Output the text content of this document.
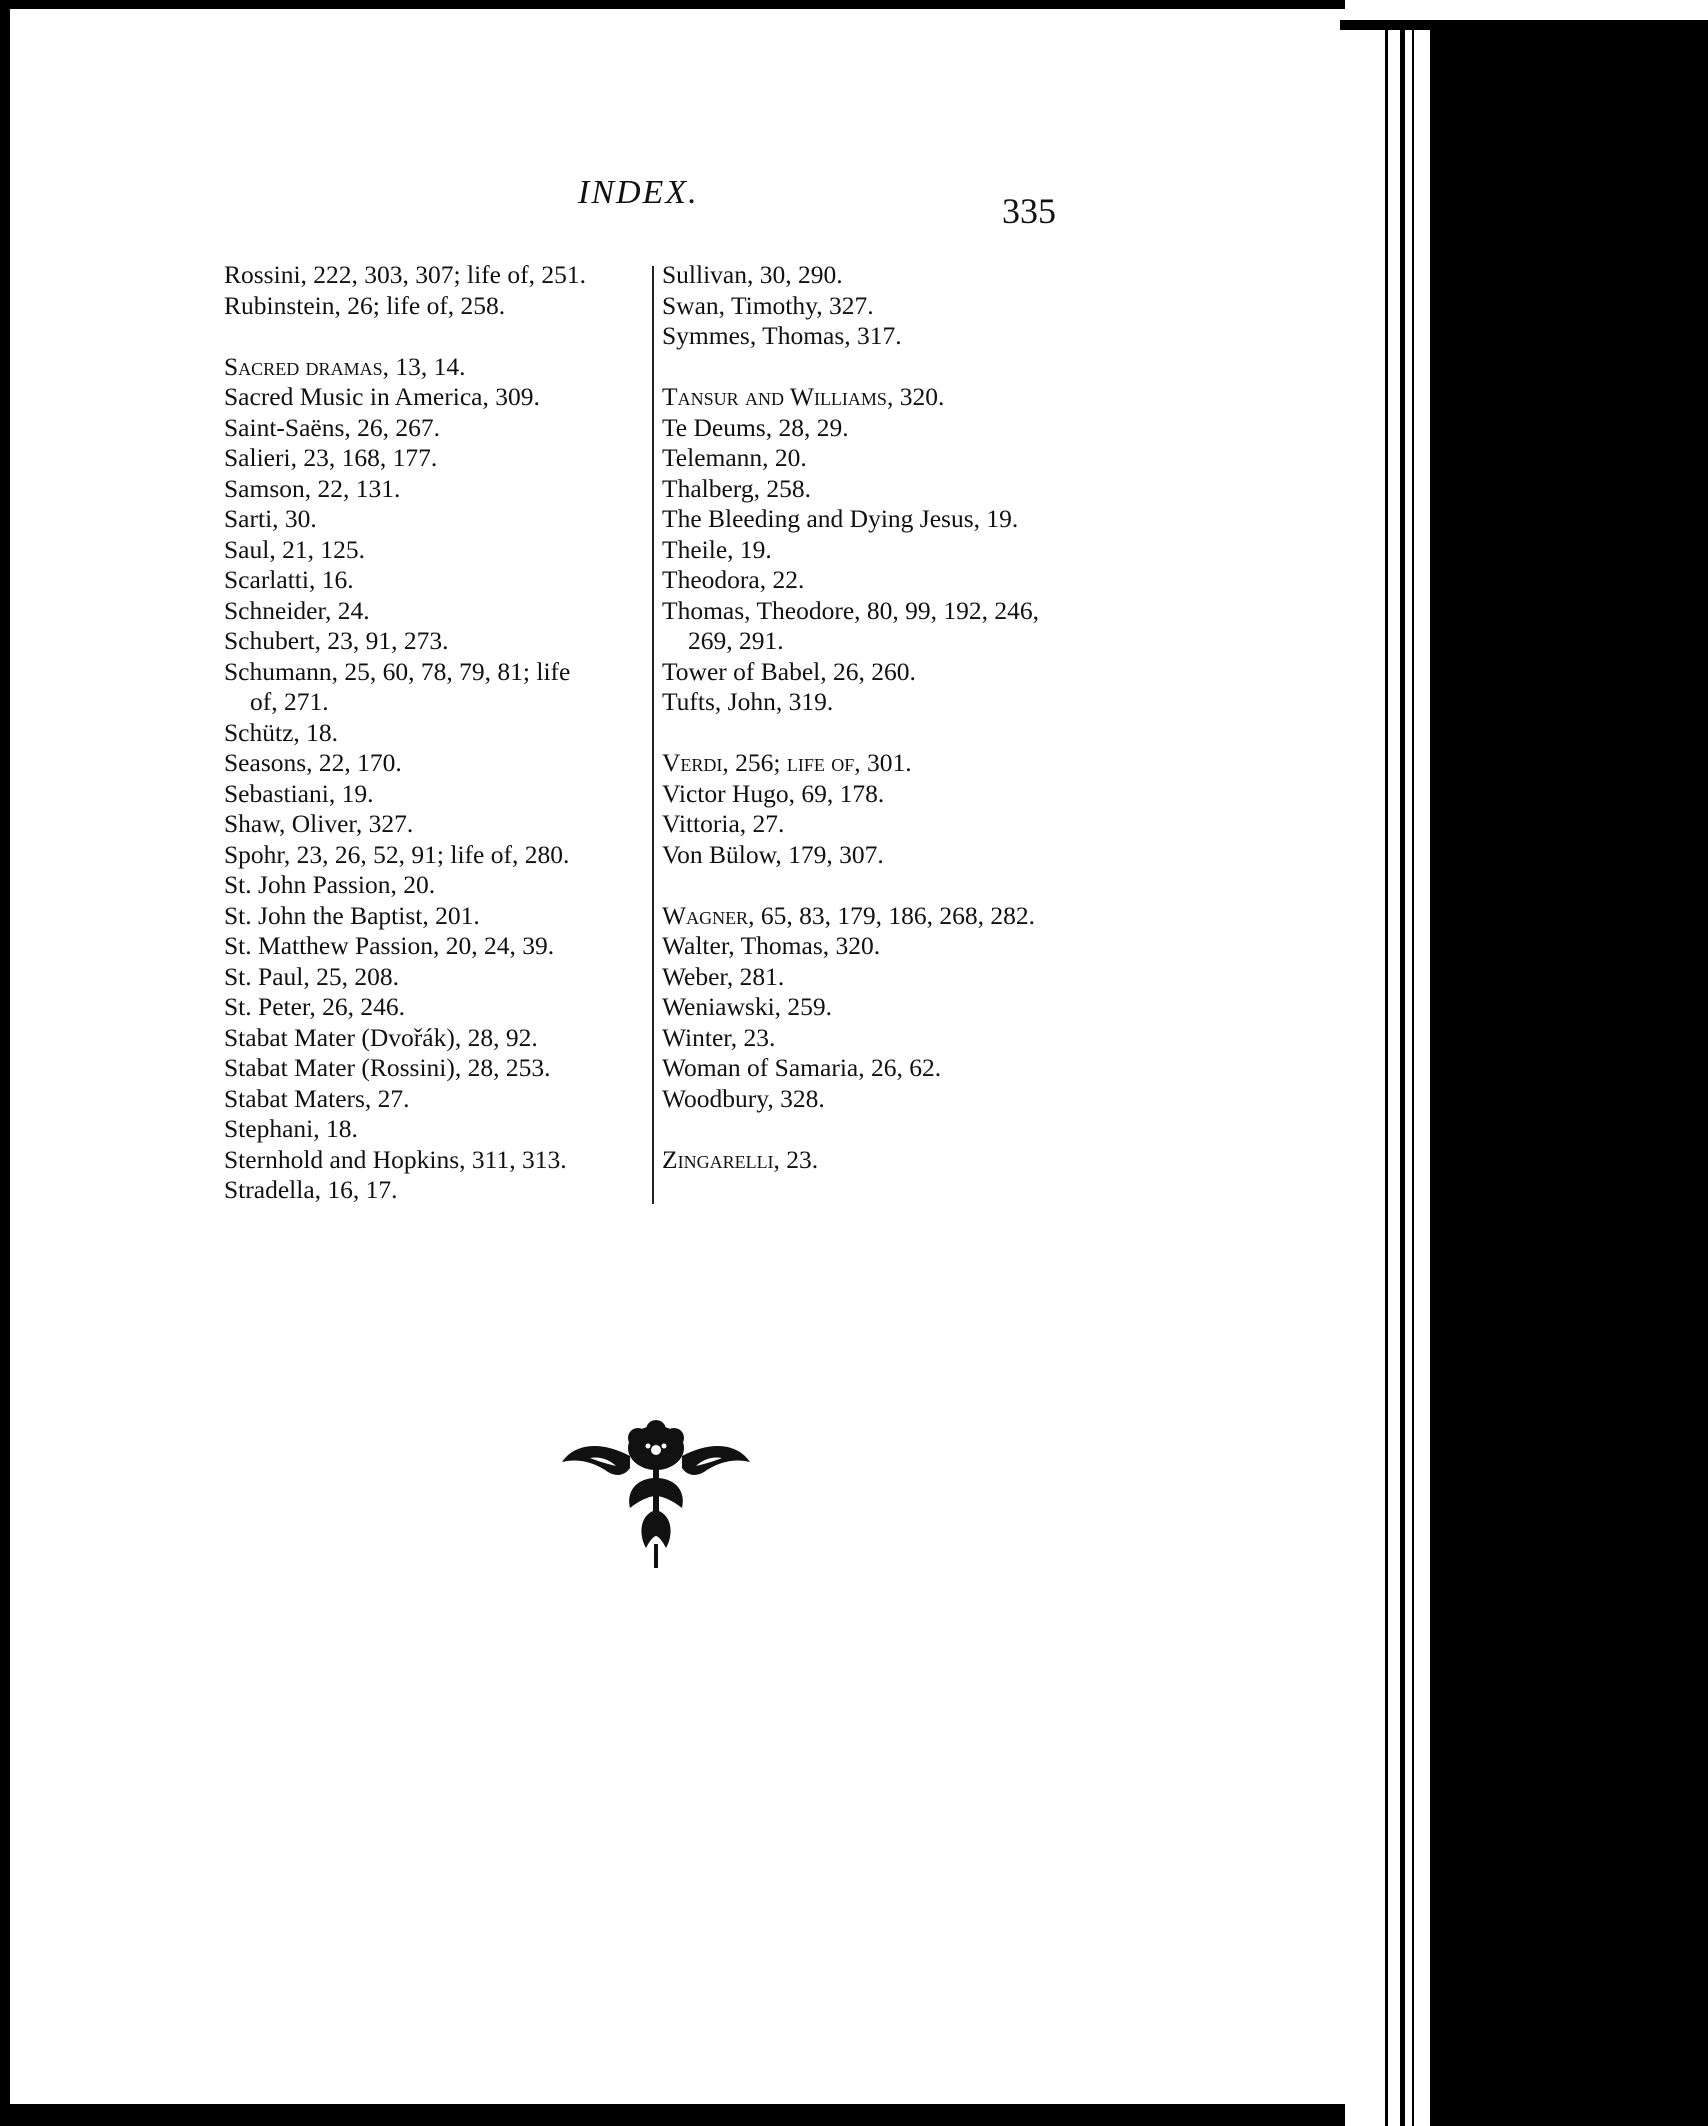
INDEX.	335
Rossini, 222, 303, 307; life of, 251.
Rubinstein, 26; life of, 258.
Sacred dramas, 13, 14.
Sacred Music in America, 309.
Saint-Saëns, 26, 267.
Salieri, 23, 168, 177.
Samson, 22, 131.
Sarti, 30.
Saul, 21, 125.
Scarlatti, 16.
Schneider, 24.
Schubert, 23, 91, 273.
Schumann, 25, 60, 78, 79, 81; life
of, 271.
Schütz, 18.
Seasons, 22, 170.
Sebastiani, 19.
Shaw, Oliver, 327.
Spohr, 23, 26, 52, 91; life of, 280.
St. John Passion, 20.
St. John the Baptist, 201.
St. Matthew Passion, 20, 24, 39.
St. Paul, 25, 208.
St. Peter, 26, 246.
Stabat Mater (Dvořák), 28, 92.
Stabat Mater (Rossini), 28, 253.
Stabat Maters, 27.
Stephani, 18.
Sternhold and Hopkins, 311, 313.
Stradella, 16, 17.
Sullivan, 30, 290.
Swan, Timothy, 327.
Symmes, Thomas, 317.
Tansur and Williams, 320.
Te Deums, 28, 29.
Telemann, 20.
Thalberg, 258.
The Bleeding and Dying Jesus, 19.
Theile, 19.
Theodora, 22.
Thomas, Theodore, 80, 99, 192, 246,
269, 291.
Tower of Babel, 26, 260.
Tufts, John, 319.
Verdi, 256; life of, 301.
Victor Hugo, 69, 178.
Vittoria, 27.
Von Bülow, 179, 307.
Wagner, 65, 83, 179, 186, 268, 282.
Walter, Thomas, 320.
Weber, 281.
Weniawski, 259.
Winter, 23.
Woman of Samaria, 26, 62.
Woodbury, 328.
Zingarelli, 23.
